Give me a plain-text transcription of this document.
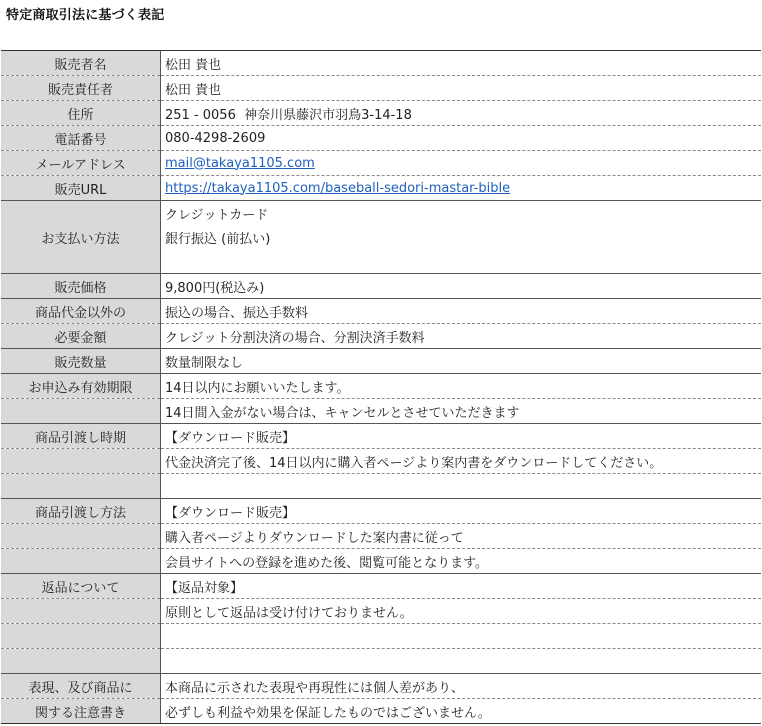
特定商取引法に基づく表記
販売者名	松田 貴也
販売責任者	松田 貴也
住所	251 - 0056  神奈川県藤沢市羽鳥3-14-18
電話番号	080-4298-2609
メールアドレス	mail@takaya1105.com
販売URL	https://takaya1105.com/baseball-sedori-mastar-bible
お支払い方法	クレジットカード
	銀行振込 (前払い)

販売価格	9,800円(税込み)
商品代金以外の	振込の場合、振込手数料
必要金額	クレジット分割決済の場合、分割決済手数料
販売数量	数量制限なし
お申込み有効期限	14日以内にお願いいたします。
	14日間入金がない場合は、キャンセルとさせていただきます
商品引渡し時期	【ダウンロード販売】
	代金決済完了後、14日以内に購入者ページより案内書をダウンロードしてください。

商品引渡し方法	【ダウンロード販売】
	購入者ページよりダウンロードした案内書に従って
	会員サイトへの登録を進めた後、閲覧可能となります。
返品について	【返品対象】
	原則として返品は受け付けておりません。

表現、及び商品に	本商品に示された表現や再現性には個人差があり、
関する注意書き	必ずしも利益や効果を保証したものではございません。
